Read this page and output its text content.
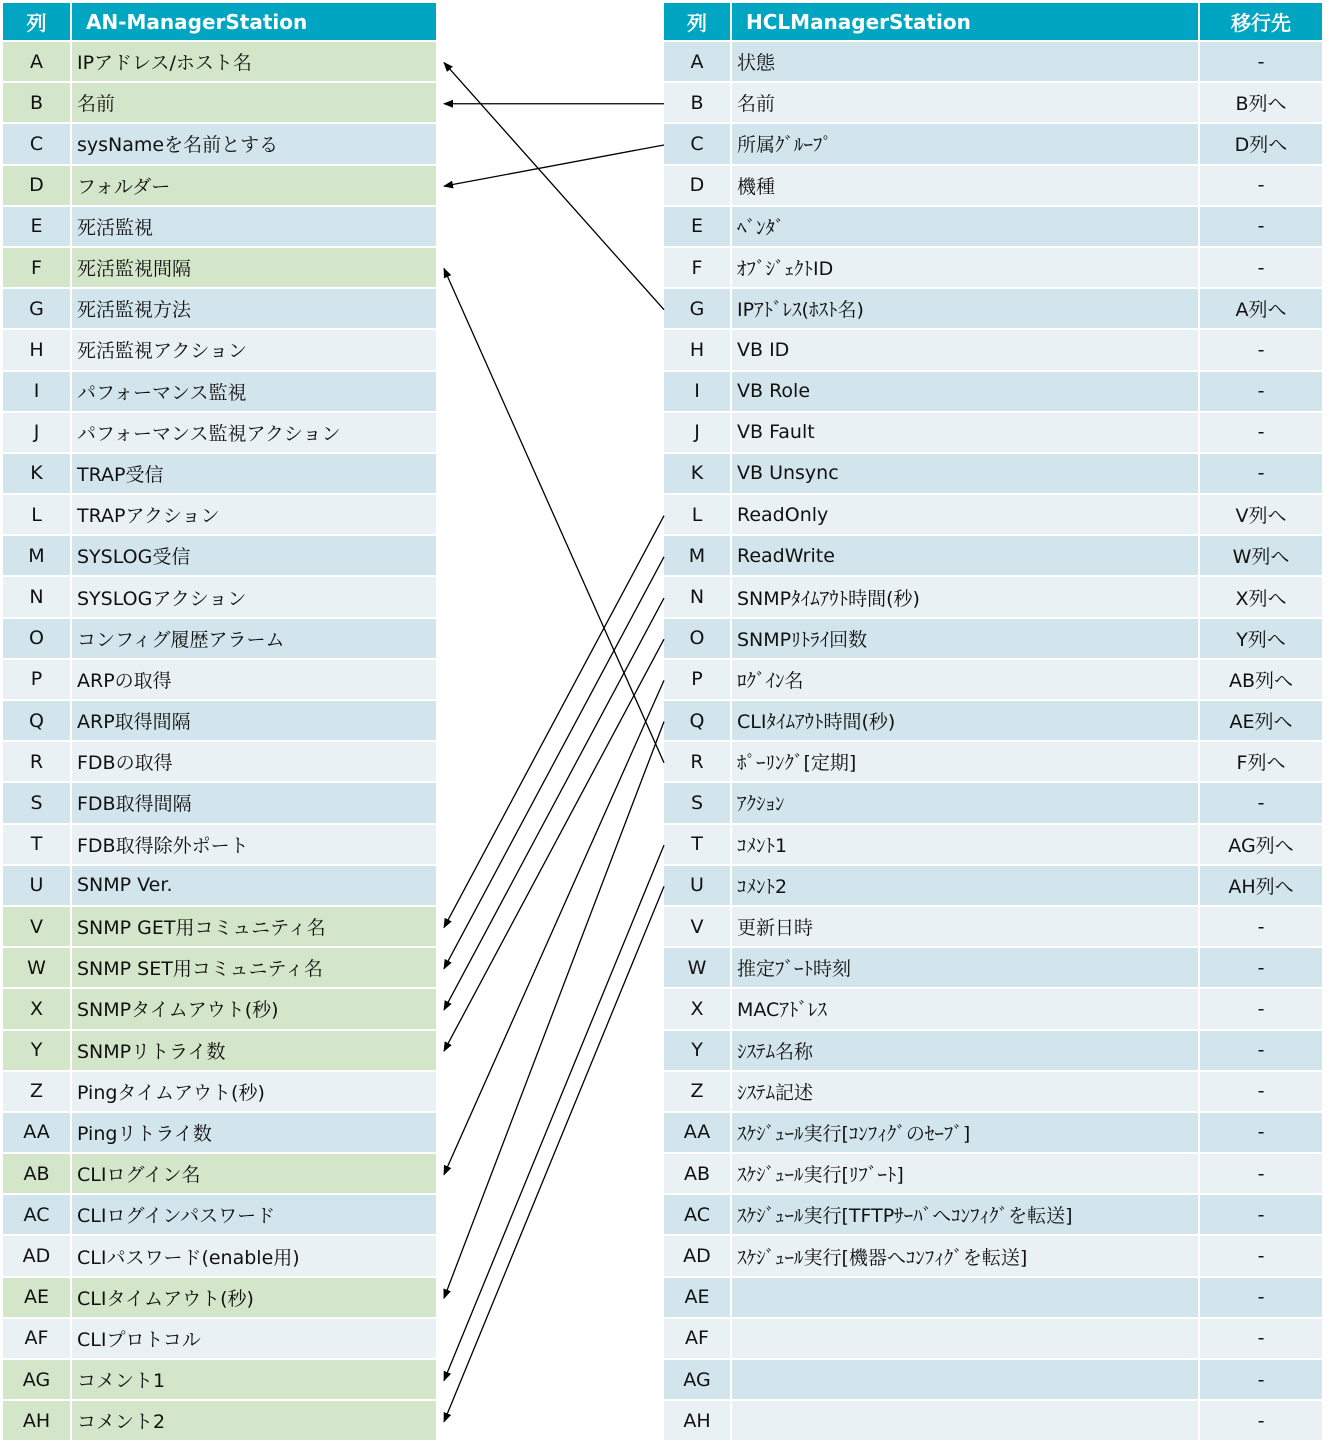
列	AN-ManagerStation
A	IPアドレス/ホスト名
B	名前
C	sysNameを名前とする
D	フォルダー
E	死活監視
F	死活監視間隔
G	死活監視方法
H	死活監視アクション
I	パフォーマンス監視
J	パフォーマンス監視アクション
K	TRAP受信
L	TRAPアクション
M	SYSLOG受信
N	SYSLOGアクション
O	コンフィグ履歴アラーム
P	ARPの取得
Q	ARP取得間隔
R	FDBの取得
S	FDB取得間隔
T	FDB取得除外ポート
U	SNMP Ver.
V	SNMP GET用コミュニティ名
W	SNMP SET用コミュニティ名
X	SNMPタイムアウト(秒)
Y	SNMPリトライ数
Z	Pingタイムアウト(秒)
AA	Pingリトライ数
AB	CLIログイン名
AC	CLIログインパスワード
AD	CLIパスワード(enable用)
AE	CLIタイムアウト(秒)
AF	CLIプロトコル
AG	コメント1
AH	コメント2
列	HCLManagerStation	移行先
A	状態	-
B	名前	B列へ
C	所属ｸﾞﾙｰﾌﾟ	D列へ
D	機種	-
E	ﾍﾞﾝﾀﾞ	-
F	ｵﾌﾞｼﾞｪｸﾄID	-
G	IPｱﾄﾞﾚｽ(ﾎｽﾄ名)	A列へ
H	VB ID	-
I	VB Role	-
J	VB Fault	-
K	VB Unsync	-
L	ReadOnly	V列へ
M	ReadWrite	W列へ
N	SNMPﾀｲﾑｱｳﾄ時間(秒)	X列へ
O	SNMPﾘﾄﾗｲ回数	Y列へ
P	ﾛｸﾞｲﾝ名	AB列へ
Q	CLIﾀｲﾑｱｳﾄ時間(秒)	AE列へ
R	ﾎﾟｰﾘﾝｸﾞ[定期]	F列へ
S	ｱｸｼｮﾝ	-
T	ｺﾒﾝﾄ1	AG列へ
U	ｺﾒﾝﾄ2	AH列へ
V	更新日時	-
W	推定ﾌﾞｰﾄ時刻	-
X	MACｱﾄﾞﾚｽ	-
Y	ｼｽﾃﾑ名称	-
Z	ｼｽﾃﾑ記述	-
AA	ｽｹｼﾞｭｰﾙ実行[ｺﾝﾌｨｸﾞのｾｰﾌﾞ]	-
AB	ｽｹｼﾞｭｰﾙ実行[ﾘﾌﾞｰﾄ]	-
AC	ｽｹｼﾞｭｰﾙ実行[TFTPｻｰﾊﾞへｺﾝﾌｨｸﾞを転送]	-
AD	ｽｹｼﾞｭｰﾙ実行[機器へｺﾝﾌｨｸﾞを転送]	-
AE		-
AF		-
AG		-
AH		-
